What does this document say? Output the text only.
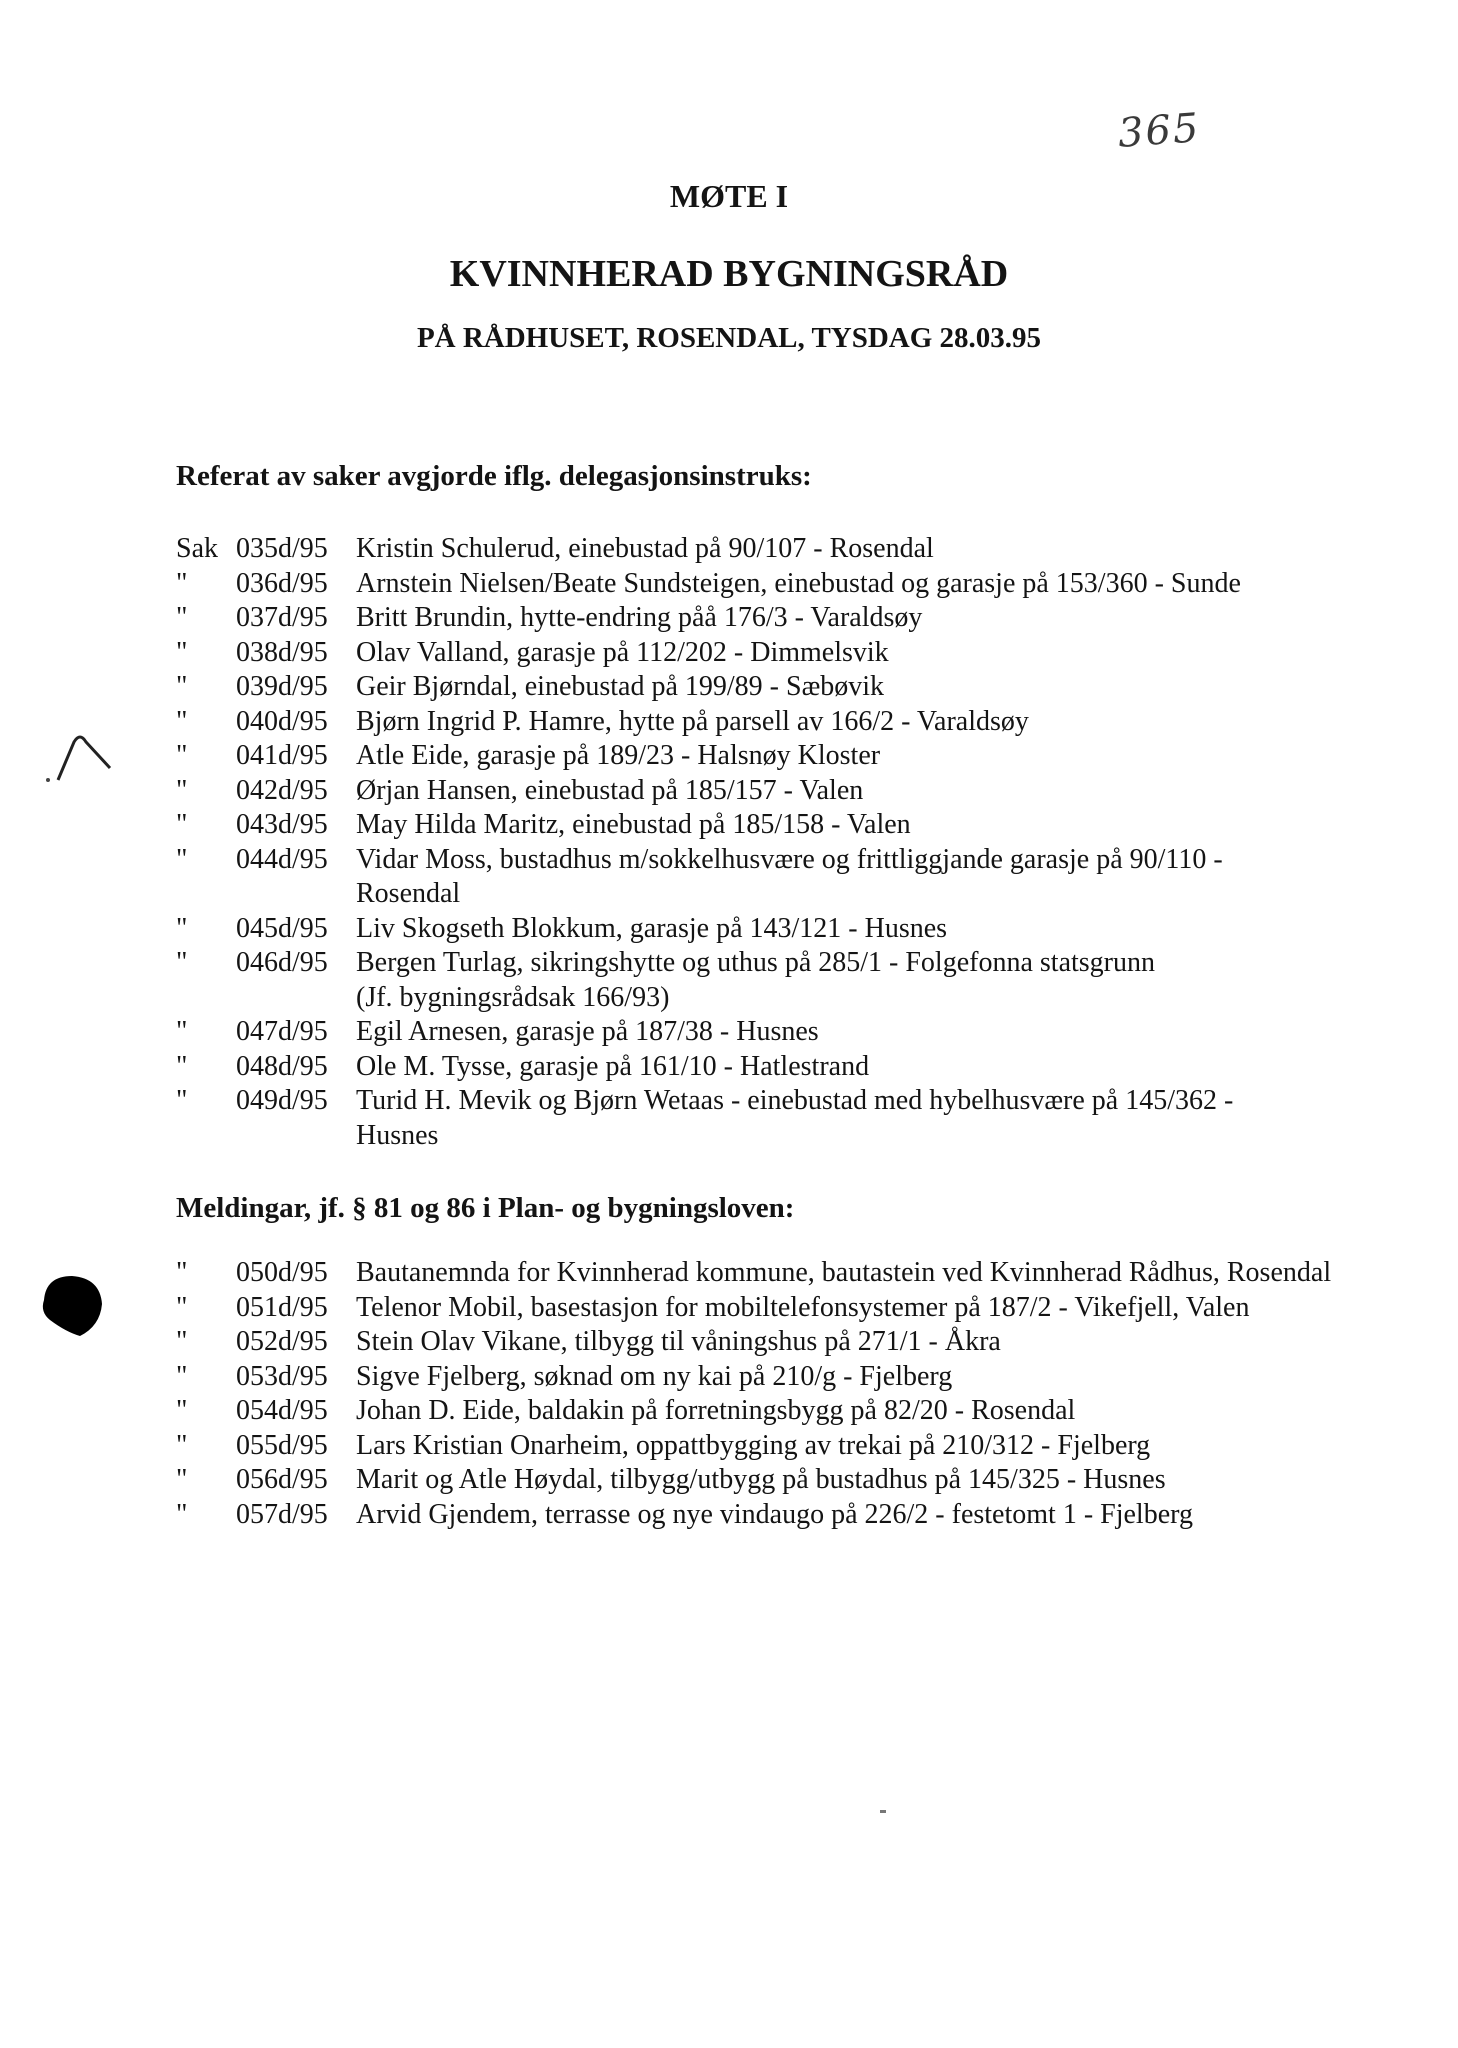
365
MØTE I
KVINNHERAD BYGNINGSRÅD
PÅ RÅDHUSET, ROSENDAL, TYSDAG 28.03.95
Referat av saker avgjorde iflg. delegasjonsinstruks:
Sak 035d/95	Kristin Schulerud, einebustad på 90/107 - Rosendal
"	036d/95	Arnstein Nielsen/Beate Sundsteigen, einebustad og garasje på 153/360 - Sunde
"	037d/95	Britt Brundin, hytte-endring påå 176/3 - Varaldsøy
"	038d/95	Olav Valland, garasje på 112/202 - Dimmelsvik
"	039d/95	Geir Bjørndal, einebustad på 199/89 - Sæbøvik
"	040d/95	Bjørn Ingrid P. Hamre, hytte på parsell av 166/2 - Varaldsøy
"	041d/95	Atle Eide, garasje på 189/23 - Halsnøy Kloster
"	042d/95	Ørjan Hansen, einebustad på 185/157 - Valen
"	043d/95	May Hilda Maritz, einebustad på 185/158 - Valen
"	044d/95	Vidar Moss, bustadhus m/sokkelhusvære og frittliggjande garasje på 90/110 -
Rosendal
"	045d/95	Liv Skogseth Blokkum, garasje på 143/121 - Husnes
"	046d/95	Bergen Turlag, sikringshytte og uthus på 285/1 - Folgefonna statsgrunn
(Jf. bygningsrådsak 166/93)
"	047d/95	Egil Arnesen, garasje på 187/38 - Husnes
"	048d/95	Ole M. Tysse, garasje på 161/10 - Hatlestrand
"	049d/95	Turid H. Mevik og Bjørn Wetaas - einebustad med hybelhusvære på 145/362 -
Husnes
Meldingar, jf. § 81 og 86 i Plan- og bygningsloven:
"	050d/95	Bautanemnda for Kvinnherad kommune, bautastein ved Kvinnherad Rådhus, Rosendal
"	051d/95	Telenor Mobil, basestasjon for mobiltelefonsystemer på 187/2 - Vikefjell, Valen
"	052d/95	Stein Olav Vikane, tilbygg til våningshus på 271/1 - Åkra
"	053d/95	Sigve Fjelberg, søknad om ny kai på 210/g - Fjelberg
"	054d/95	Johan D. Eide, baldakin på forretningsbygg på 82/20 - Rosendal
"	055d/95	Lars Kristian Onarheim, oppattbygging av trekai på 210/312 - Fjelberg
"	056d/95	Marit og Atle Høydal, tilbygg/utbygg på bustadhus på 145/325 - Husnes
"	057d/95	Arvid Gjendem, terrasse og nye vindaugo på 226/2 - festetomt 1 - Fjelberg
